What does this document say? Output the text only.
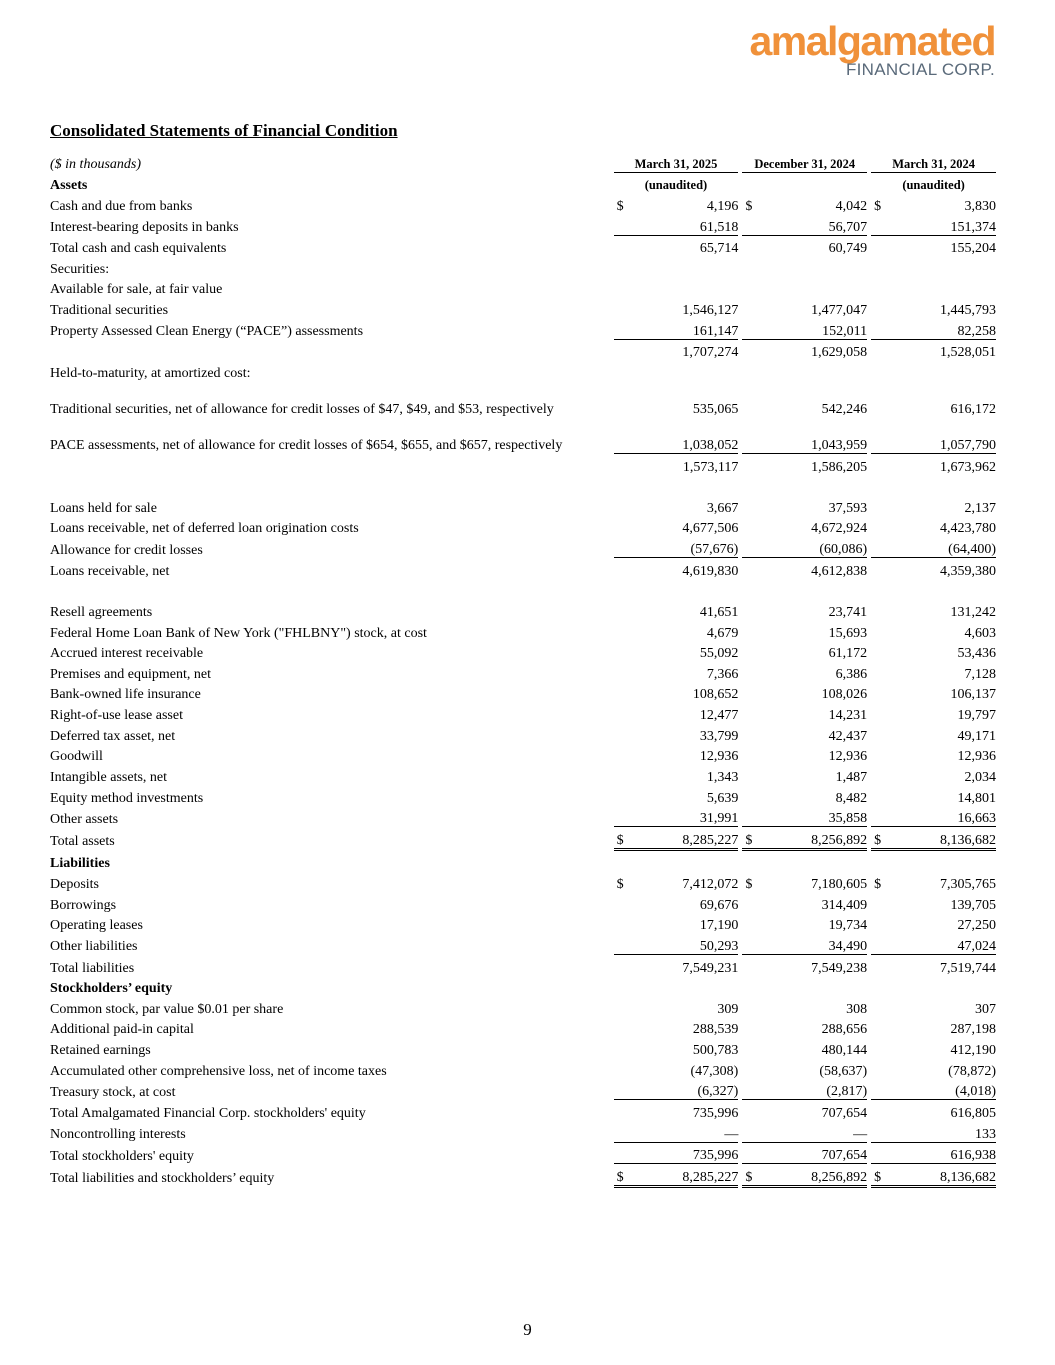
amalgamated
FINANCIAL CORP.
Consolidated Statements of Financial Condition
($ in thousands)	March 31, 2025		December 31, 2024		March 31, 2024
Assets	(unaudited)				(unaudited)
Cash and due from banks	$ 4,196		$ 4,042		$ 3,830
Interest-bearing deposits in banks	61,518		56,707		151,374
Total cash and cash equivalents	65,714		60,749		155,204
Securities:					
Available for sale, at fair value					
Traditional securities	1,546,127		1,477,047		1,445,793
Property Assessed Clean Energy (“PACE”) assessments	161,147		152,011		82,258
	1,707,274		1,629,058		1,528,051
Held-to-maturity, at amortized cost:					
Traditional securities, net of allowance for credit losses of $47, $49, and $53, respectively	535,065		542,246		616,172
PACE assessments, net of allowance for credit losses of $654, $655, and $657, respectively	1,038,052		1,043,959		1,057,790
	1,573,117		1,586,205		1,673,962

Loans held for sale	3,667		37,593		2,137
Loans receivable, net of deferred loan origination costs	4,677,506		4,672,924		4,423,780
Allowance for credit losses	(57,676)		(60,086)		(64,400)
Loans receivable, net	4,619,830		4,612,838		4,359,380

Resell agreements	41,651		23,741		131,242
Federal Home Loan Bank of New York ("FHLBNY") stock, at cost	4,679		15,693		4,603
Accrued interest receivable	55,092		61,172		53,436
Premises and equipment, net	7,366		6,386		7,128
Bank-owned life insurance	108,652		108,026		106,137
Right-of-use lease asset	12,477		14,231		19,797
Deferred tax asset, net	33,799		42,437		49,171
Goodwill	12,936		12,936		12,936
Intangible assets, net	1,343		1,487		2,034
Equity method investments	5,639		8,482		14,801
Other assets	31,991		35,858		16,663
Total assets	$ 8,285,227		$ 8,256,892		$ 8,136,682
Liabilities					
Deposits	$ 7,412,072		$ 7,180,605		$ 7,305,765
Borrowings	69,676		314,409		139,705
Operating leases	17,190		19,734		27,250
Other liabilities	50,293		34,490		47,024
Total liabilities	7,549,231		7,549,238		7,519,744
Stockholders’ equity					
Common stock, par value $0.01 per share	309		308		307
Additional paid-in capital	288,539		288,656		287,198
Retained earnings	500,783		480,144		412,190
Accumulated other comprehensive loss, net of income taxes	(47,308)		(58,637)		(78,872)
Treasury stock, at cost	(6,327)		(2,817)		(4,018)
Total Amalgamated Financial Corp. stockholders' equity	735,996		707,654		616,805
Noncontrolling interests	—		—		133
Total stockholders' equity	735,996		707,654		616,938
Total liabilities and stockholders’ equity	$ 8,285,227		$ 8,256,892		$ 8,136,682
9
